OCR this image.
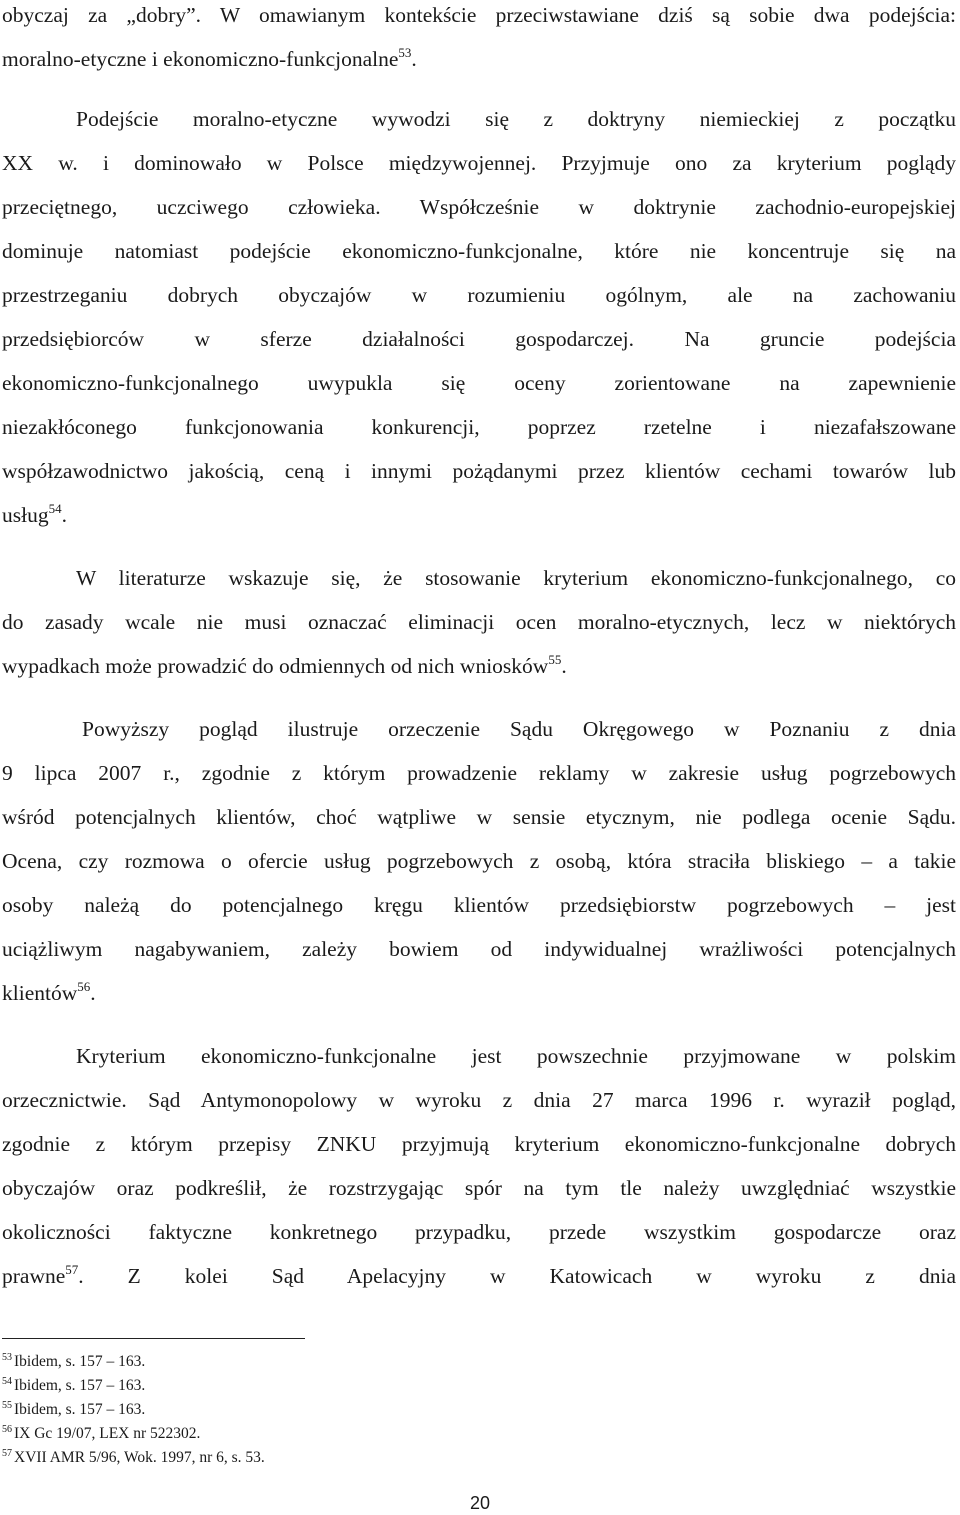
obyczaj za „dobry”. W omawianym kontekście przeciwstawiane dziś są sobie dwa podejścia:
moralno-etyczne i ekonomiczno-funkcjonalne$^{53}$.
Podejście moralno-etyczne wywodzi się z doktryny niemieckiej z początku
XX w. i dominowało w Polsce międzywojennej. Przyjmuje ono za kryterium poglądy
przeciętnego, uczciwego człowieka. Współcześnie w doktrynie zachodnio-europejskiej
dominuje natomiast podejście ekonomiczno-funkcjonalne, które nie koncentruje się na
przestrzeganiu dobrych obyczajów w rozumieniu ogólnym, ale na zachowaniu
przedsiębiorców w sferze działalności gospodarczej. Na gruncie podejścia
ekonomiczno-funkcjonalnego uwypukla się oceny zorientowane na zapewnienie
niezakłóconego funkcjonowania konkurencji, poprzez rzetelne i niezafałszowane
współzawodnictwo jakością, ceną i innymi pożądanymi przez klientów cechami towarów lub
usług$^{54}$.
W literaturze wskazuje się, że stosowanie kryterium ekonomiczno-funkcjonalnego, co
do zasady wcale nie musi oznaczać eliminacji ocen moralno-etycznych, lecz w niektórych
wypadkach może prowadzić do odmiennych od nich wniosków$^{55}$.
Powyższy pogląd ilustruje orzeczenie Sądu Okręgowego w Poznaniu z dnia
9 lipca 2007 r., zgodnie z którym prowadzenie reklamy w zakresie usług pogrzebowych
wśród potencjalnych klientów, choć wątpliwe w sensie etycznym, nie podlega ocenie Sądu.
Ocena, czy rozmowa o ofercie usług pogrzebowych z osobą, która straciła bliskiego – a takie
osoby należą do potencjalnego kręgu klientów przedsiębiorstw pogrzebowych – jest
uciążliwym nagabywaniem, zależy bowiem od indywidualnej wrażliwości potencjalnych
klientów$^{56}$.
Kryterium ekonomiczno-funkcjonalne jest powszechnie przyjmowane w polskim
orzecznictwie. Sąd Antymonopolowy w wyroku z dnia 27 marca 1996 r. wyraził pogląd,
zgodnie z którym przepisy ZNKU przyjmują kryterium ekonomiczno-funkcjonalne dobrych
obyczajów oraz podkreślił, że rozstrzygając spór na tym tle należy uwzględniać wszystkie
okoliczności faktyczne konkretnego przypadku, przede wszystkim gospodarcze oraz
prawne$^{57}$. Z kolei Sąd Apelacyjny w Katowicach w wyroku z dnia
$^{53}$ Ibidem, s. 157 – 163.
$^{54}$ Ibidem, s. 157 – 163.
$^{55}$ Ibidem, s. 157 – 163.
$^{56}$ IX Gc 19/07, LEX nr 522302.
$^{57}$ XVII AMR 5/96, Wok. 1997, nr 6, s. 53.
20
